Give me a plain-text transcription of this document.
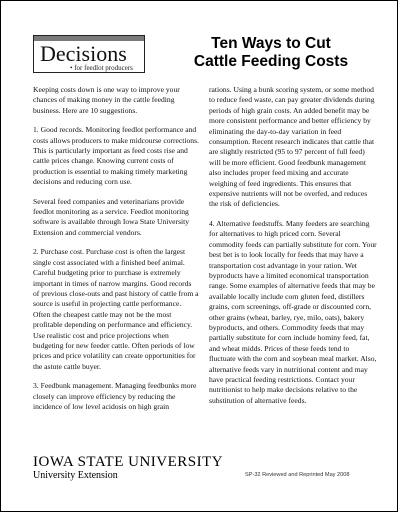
Decisions
• for feedlot producers
Ten Ways to Cut
Cattle Feeding Costs

Keeping costs down is one way to improve your chances of making money in the cattle feeding business. Here are 10 suggestions.

1. Good records. Monitoring feedlot performance and costs allows producers to make midcourse corrections. This is particularly important as feed costs rise and cattle prices change. Knowing current costs of production is essential to making timely marketing decisions and reducing corn use.

Several feed companies and veterinarians provide feedlot monitoring as a service. Feedlot monitoring software is available through Iowa State University Extension and commercial vendors.

2. Purchase cost. Purchase cost is often the largest single cost associated with a finished beef animal. Careful budgeting prior to purchase is extremely important in times of narrow margins. Good records of previous close-outs and past history of cattle from a source is useful in projecting cattle performance. Often the cheapest cattle may not be the most profitable depending on performance and efficiency. Use realistic cost and price projections when budgeting for new feeder cattle. Often periods of low prices and price volatility can create opportunities for the astute cattle buyer.

3. Feedbunk management. Managing feedbunks more closely can improve efficiency by reducing the incidence of low level acidosis on high grain

rations. Using a bunk scoring system, or some method to reduce feed waste, can pay greater dividends during periods of high grain costs. An added benefit may be more consistent performance and better efficiency by eliminating the day-to-day variation in feed consumption. Recent research indicates that cattle that are slightly restricted (95 to 97 percent of full feed) will be more efficient. Good feedbunk management also includes proper feed mixing and accurate weighing of feed ingredients. This ensures that expensive nutrients will not be overfed, and reduces the risk of deficiencies.

4. Alternative feedstuffs. Many feeders are searching for alternatives to high priced corn. Several commodity feeds can partially substitute for corn. Your best bet is to look locally for feeds that may have a transportation cost advantage in your ration. Wet byproducts have a limited economical transportation range. Some examples of alternative feeds that may be available locally include corn gluten feed, distillers grains, corn screenings, off-grade or discounted corn, other grains (wheat, barley, rye, milo, oats), bakery byproducts, and others. Commodity feeds that may partially substitute for corn include hominy feed, fat, and wheat midds. Prices of these feeds tend to fluctuate with the corn and soybean meal market. Also, alternative feeds vary in nutritional content and may have practical feeding restrictions. Contact your nutritionist to help make decisions relative to the substitution of alternative feeds.

IOWA STATE UNIVERSITY
University Extension	SP-32 Reviewed and Reprinted May 2008
